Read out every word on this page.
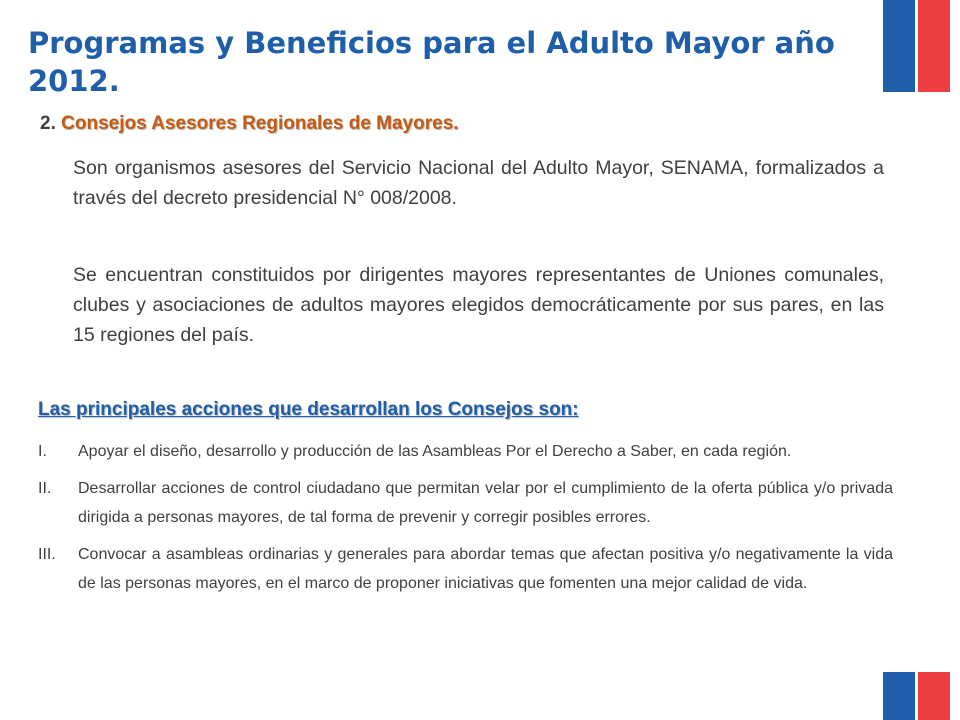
Programas y Beneficios para el Adulto Mayor año 2012.
2. Consejos Asesores Regionales de Mayores.

Son organismos asesores del Servicio Nacional del Adulto Mayor, SENAMA, formalizados a través del decreto presidencial N° 008/2008.

Se encuentran constituidos por dirigentes mayores representantes de Uniones comunales, clubes y asociaciones de adultos mayores elegidos democráticamente por sus pares, en las 15 regiones del país.

Las principales acciones que desarrollan los Consejos son:
I.	Apoyar el diseño, desarrollo y producción de las Asambleas Por el Derecho a Saber, en cada región.
II.	Desarrollar acciones de control ciudadano que permitan velar por el cumplimiento de la oferta pública y/o privada dirigida a personas mayores, de tal forma de prevenir y corregir posibles errores.
III.	Convocar a asambleas ordinarias y generales para abordar temas que afectan positiva y/o negativamente la vida de las personas mayores, en el marco de proponer iniciativas que fomenten una mejor calidad de vida.
